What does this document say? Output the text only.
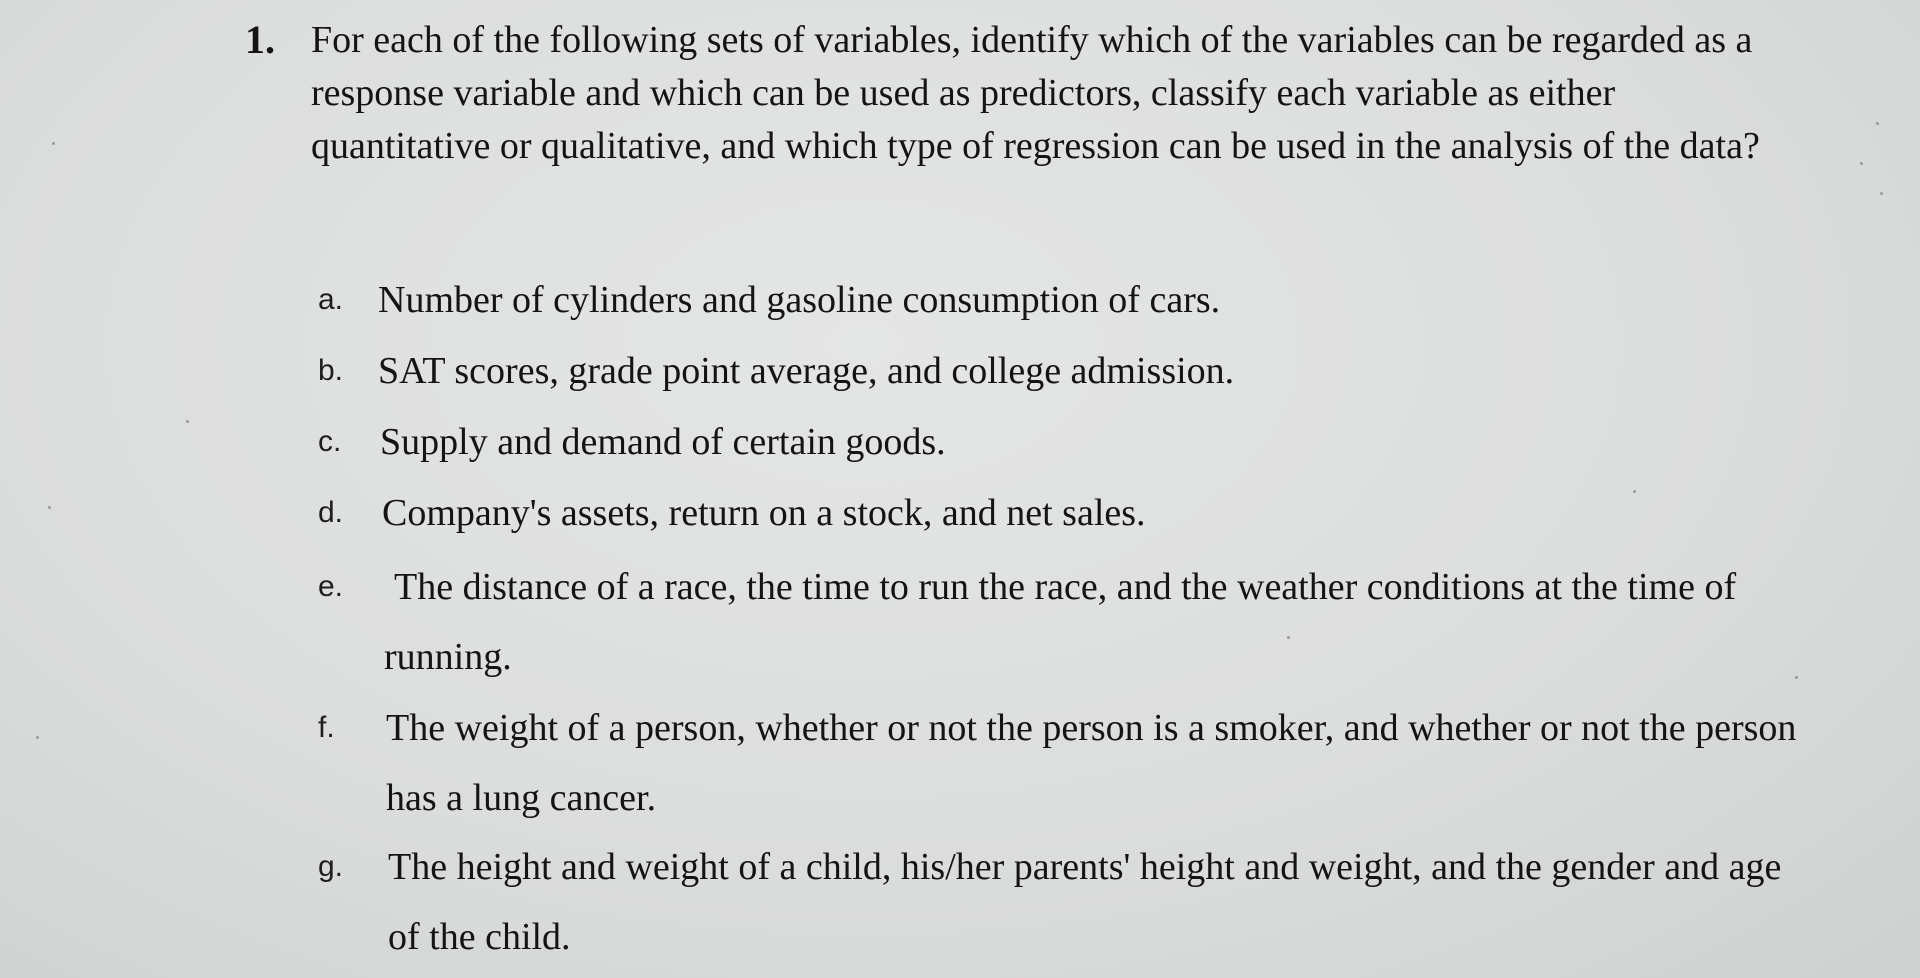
1. For each of the following sets of variables, identify which of the variables can be regarded as a response variable and which can be used as predictors, classify each variable as either quantitative or qualitative, and which type of regression can be used in the analysis of the data?
a. Number of cylinders and gasoline consumption of cars.
b. SAT scores, grade point average, and college admission.
c. Supply and demand of certain goods.
d. Company's assets, return on a stock, and net sales.
e. The distance of a race, the time to run the race, and the weather conditions at the time of running.
f. The weight of a person, whether or not the person is a smoker, and whether or not the person has a lung cancer.
g. The height and weight of a child, his/her parents' height and weight, and the gender and age of the child.
